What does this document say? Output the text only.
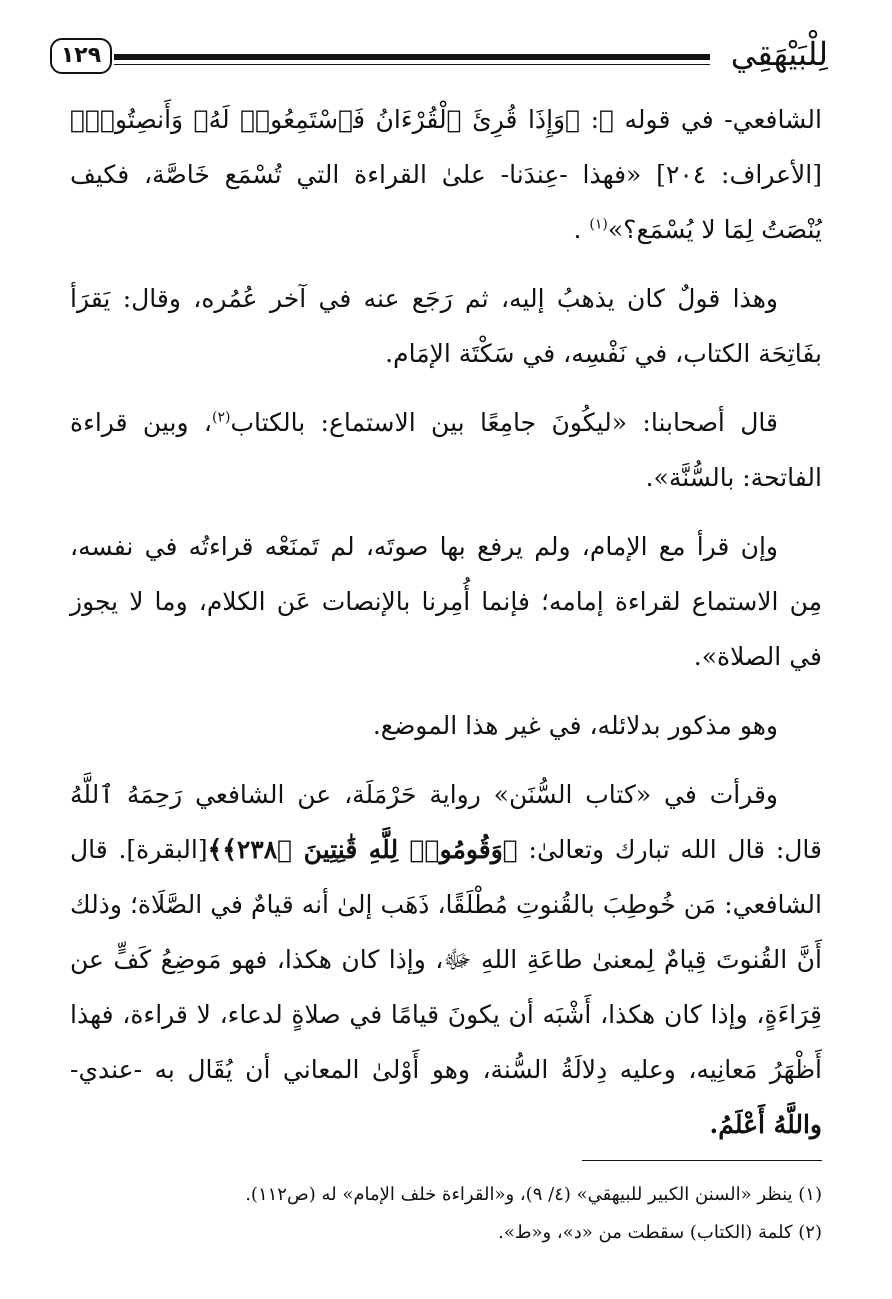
لِلْبَيْهَقِي
١٢٩

الشافعي- في قوله ﷻ: ﴿وَإِذَا قُرِئَ ٱلْقُرْءَانُ فَٱسْتَمِعُوا۟ لَهُۥ وَأَنصِتُوا۟﴾ [الأعراف: ٢٠٤] «فهذا -عِندَنا- علىٰ القراءة التي تُسْمَع خَاصَّة، فكيف يُنْصَتُ لِمَا لا يُسْمَع؟»$^{(١)}$ .

وهذا قولٌ كان يذهبُ إليه، ثم رَجَع عنه في آخر عُمُره، وقال: يَقرَأ بفَاتِحَة الكتاب، في نَفْسِه، في سَكْتَة الإمَام.

قال أصحابنا: «ليكُونَ جامِعًا بين الاستماع: بالكتاب$^{(٢)}$، وبين قراءة الفاتحة: بالسُّنَّة».

وإن قرأ مع الإمام، ولم يرفع بها صوتَه، لم تَمنَعْه قراءتُه في نفسه، مِن الاستماع لقراءة إمامه؛ فإنما أُمِرنا بالإنصات عَن الكلام، وما لا يجوز في الصلاة».

وهو مذكور بدلائله، في غير هذا الموضع.

وقرأت في «كتاب السُّنَن» رواية حَرْمَلَة، عن الشافعي رَحِمَهُ ٱللَّهُ قال: قال الله تبارك وتعالىٰ: ﴿وَقُومُوا۟ لِلَّهِ قَٰنِتِينَ ﴿٢٣٨﴾﴾[البقرة]. قال الشافعي: مَن خُوطِبَ بالقُنوتِ مُطْلَقًا، ذَهَب إلىٰ أنه قيامٌ في الصَّلَاة؛ وذلك أَنَّ القُنوتَ قِيامٌ لِمعنىٰ طاعَةِ اللهِ ﷻ، وإذا كان هكذا، فهو مَوضِعُ كَفٍّ عن قِرَاءَةٍ، وإذا كان هكذا، أَشْبَه أن يكونَ قيامًا في صلاةٍ لدعاء، لا قراءة، فهذا أَظْهَرُ مَعانِيه، وعليه دِلالَةُ السُّنة، وهو أَوْلىٰ المعاني أن يُقَال به -عندي- واللَّهُ أَعْلَمُ.

(١) ينظر «السنن الكبير للبيهقي» (٤/ ٩)، و«القراءة خلف الإمام» له (ص١١٢).
(٢) كلمة (الكتاب) سقطت من «د»، و«ط».
